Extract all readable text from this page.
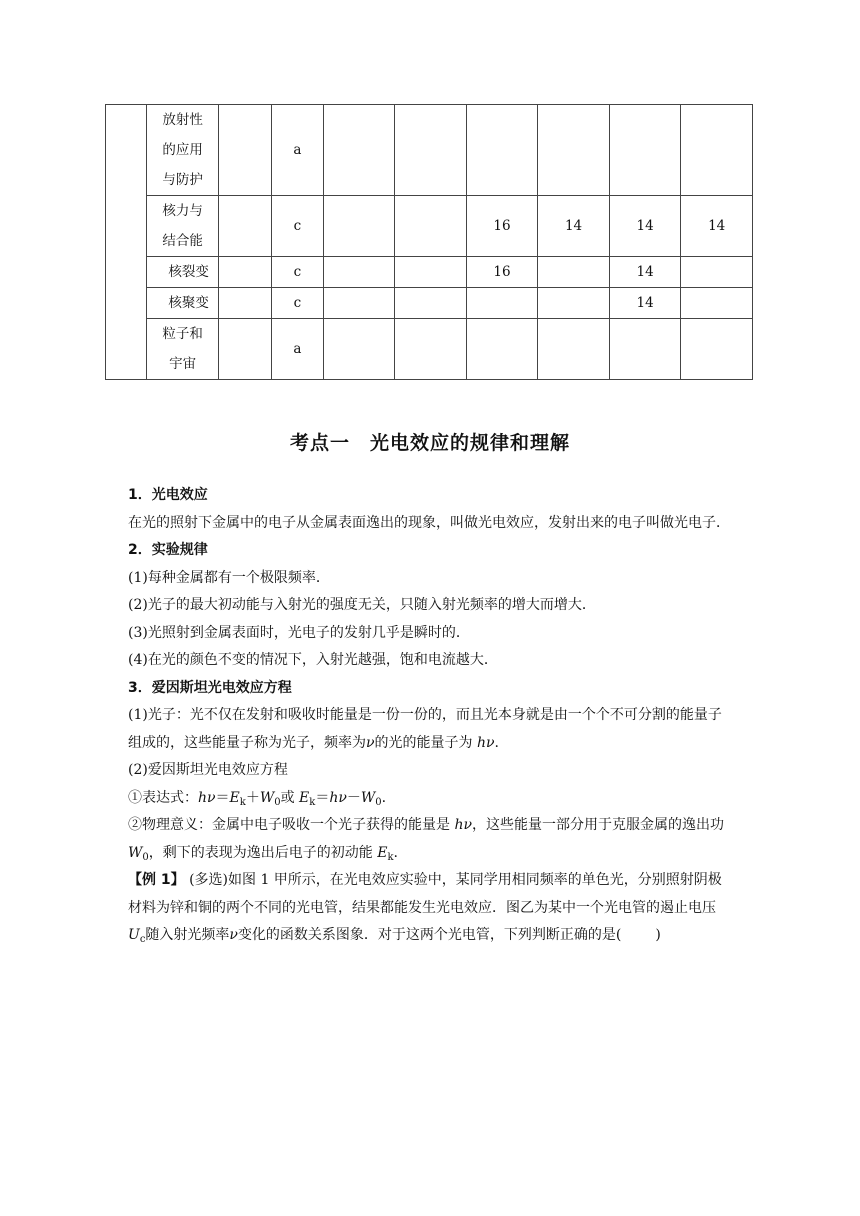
	放射性
的应用
与防护		a						
	核力与
结合能		c			16	14	14	14
	核裂变		c			16		14	
	核聚变		c					14	
	粒子和
宇宙		a						
考点一　光电效应的规律和理解

1．光电效应

在光的照射下金属中的电子从金属表面逸出的现象，叫做光电效应，发射出来的电子叫做光电子．

2．实验规律

(1)每种金属都有一个极限频率．

(2)光子的最大初动能与入射光的强度无关，只随入射光频率的增大而增大．

(3)光照射到金属表面时，光电子的发射几乎是瞬时的．

(4)在光的颜色不变的情况下，入射光越强，饱和电流越大．

3．爱因斯坦光电效应方程

(1)光子：光不仅在发射和吸收时能量是一份一份的，而且光本身就是由一个个不可分割的能量子组成的，这些能量子称为光子，频率为ν的光的能量子为 hν.

(2)爱因斯坦光电效应方程

①表达式：$h\nu=E_k+W_0$或 $E_k=h\nu-W_0$.

②物理意义：金属中电子吸收一个光子获得的能量是 hν，这些能量一部分用于克服金属的逸出功 $W_0$，剩下的表现为逸出后电子的初动能 $E_k$.

【例 1】 (多选)如图 1 甲所示，在光电效应实验中，某同学用相同频率的单色光，分别照射阴极材料为锌和铜的两个不同的光电管，结果都能发生光电效应．图乙为某中一个光电管的遏止电压 $U_c$随入射光频率ν变化的函数关系图象．对于这两个光电管，下列判断正确的是( )
